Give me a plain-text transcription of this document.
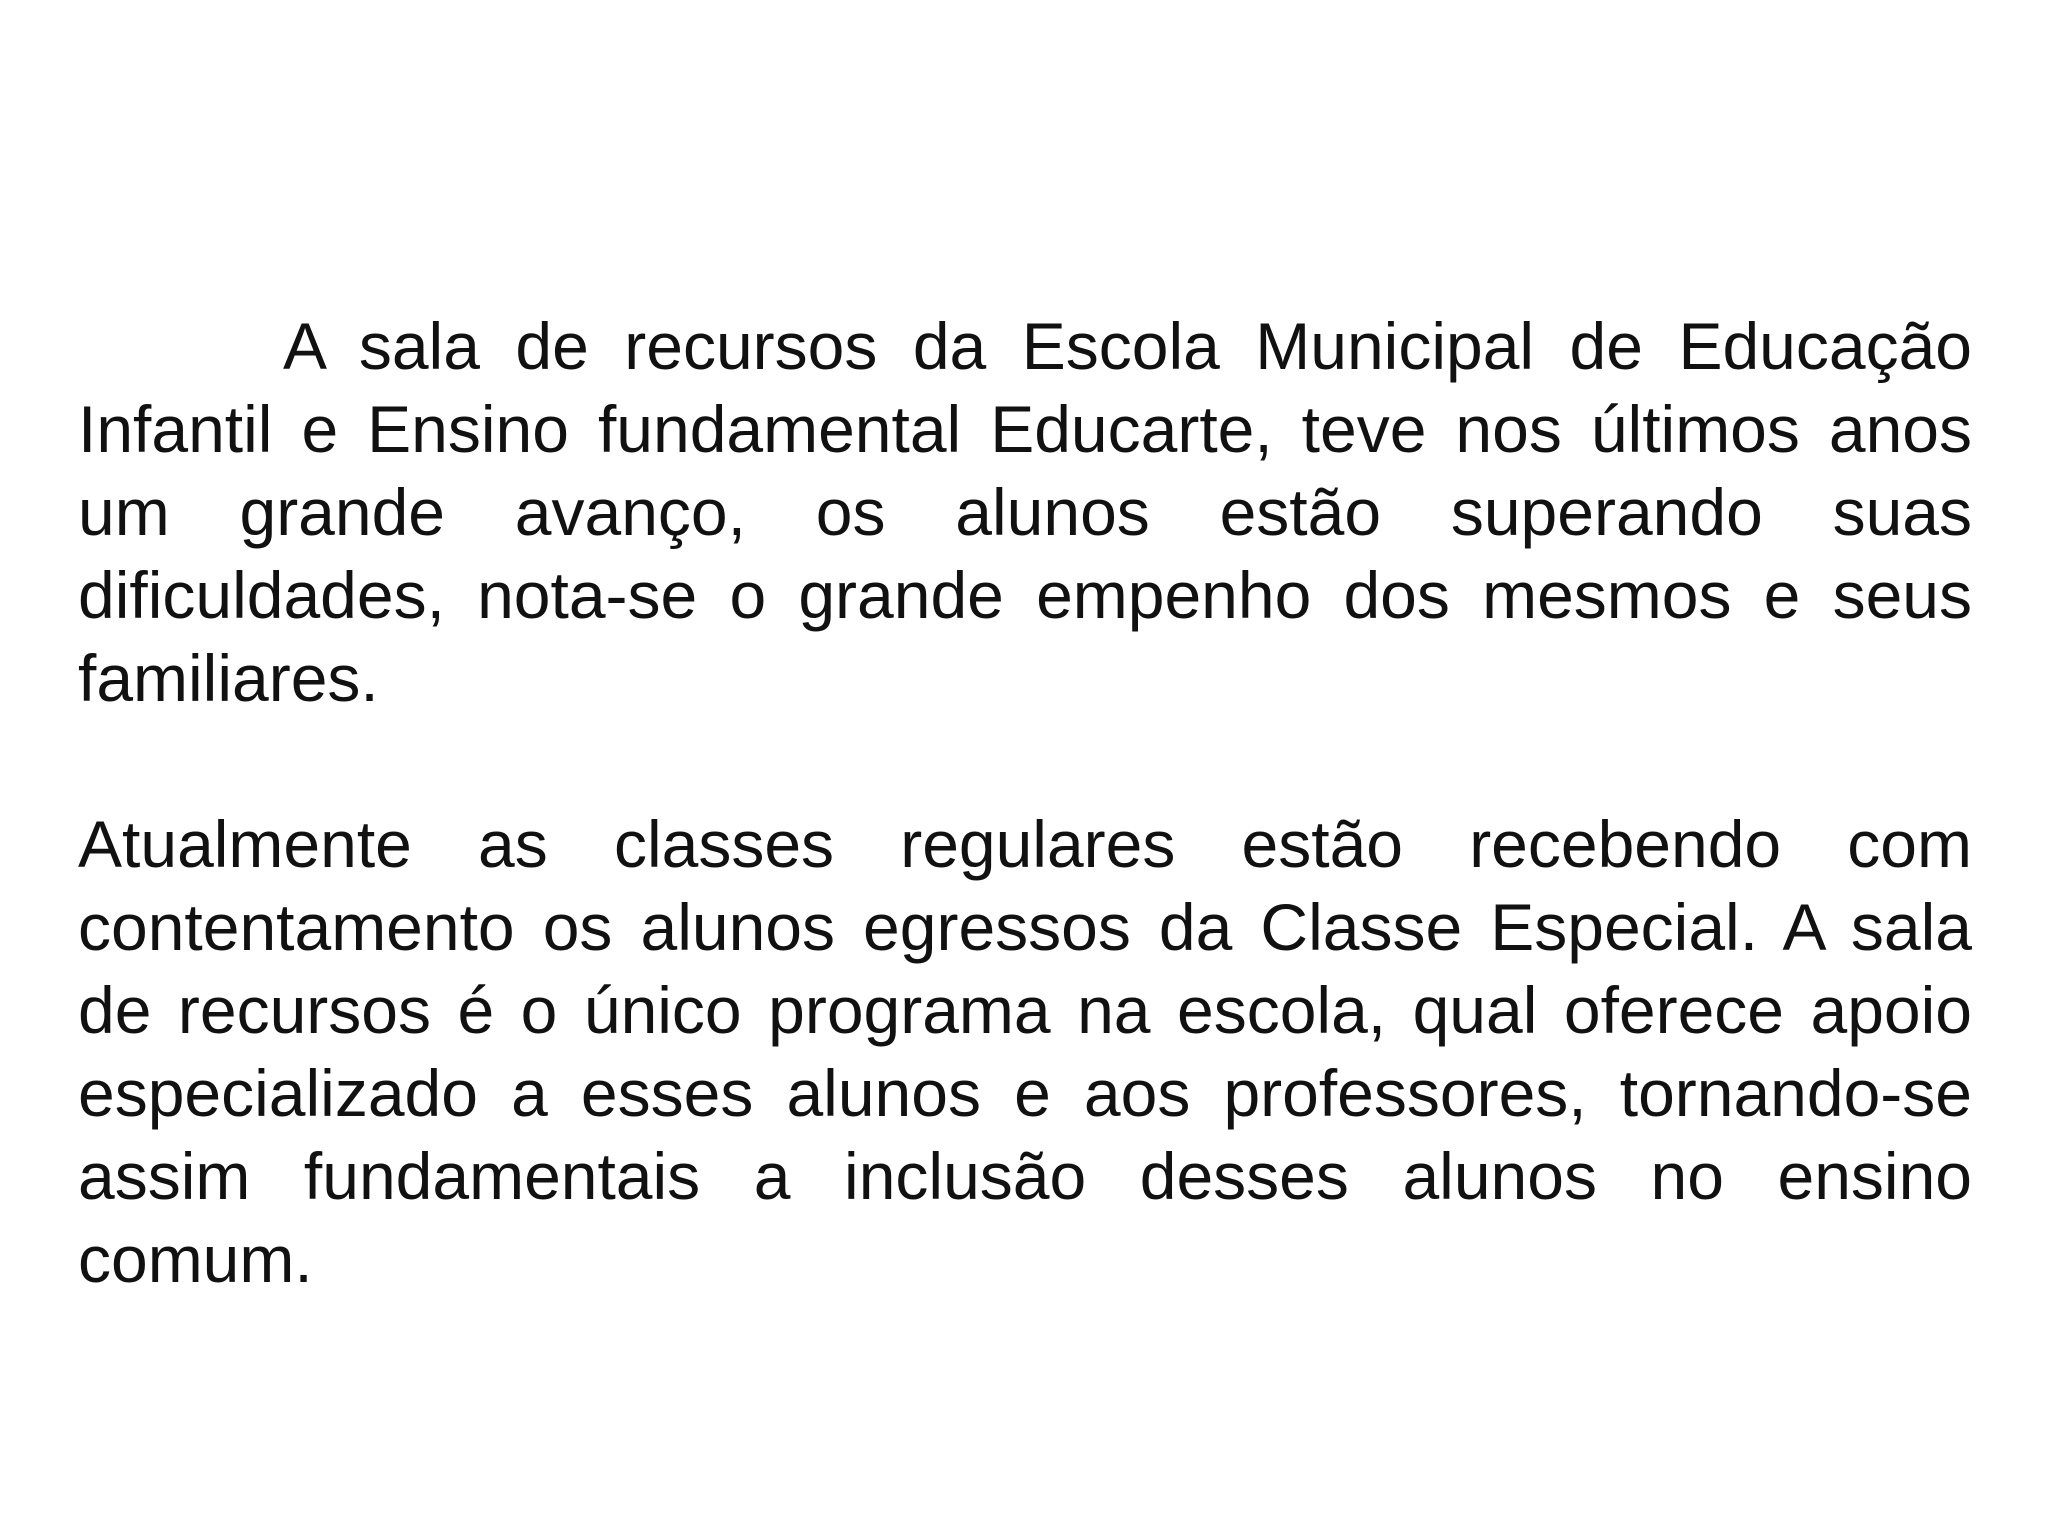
A sala de recursos da Escola Municipal de Educação Infantil e Ensino fundamental Educarte, teve nos últimos anos um grande avanço, os alunos estão superando suas dificuldades, nota-se o grande empenho dos mesmos e seus familiares.

Atualmente as classes regulares estão recebendo com contentamento os alunos egressos da Classe Especial. A sala de recursos é o único programa na escola, qual oferece apoio especializado a esses alunos e aos professores, tornando-se assim fundamentais a inclusão desses alunos no ensino comum.
